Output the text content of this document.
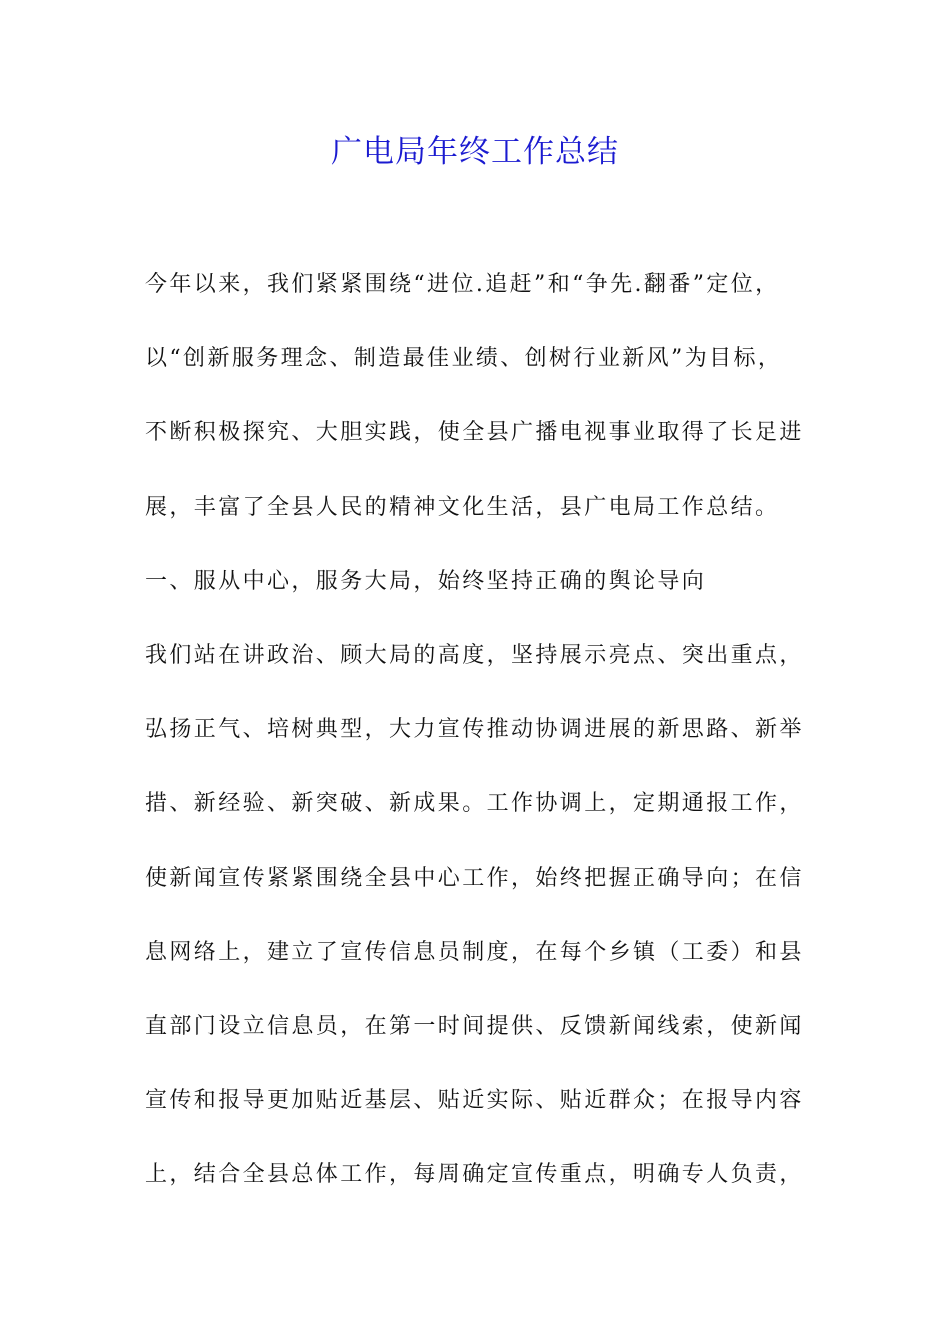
广电局年终工作总结
今年以来，我们紧紧围绕“进位.追赶”和“争先.翻番”定位，
以“创新服务理念、制造最佳业绩、创树行业新风”为目标，
不断积极探究、大胆实践，使全县广播电视事业取得了长足进
展，丰富了全县人民的精神文化生活，县广电局工作总结。
一、服从中心，服务大局，始终坚持正确的舆论导向
我们站在讲政治、顾大局的高度，坚持展示亮点、突出重点，
弘扬正气、培树典型，大力宣传推动协调进展的新思路、新举
措、新经验、新突破、新成果。工作协调上，定期通报工作，
使新闻宣传紧紧围绕全县中心工作，始终把握正确导向；在信
息网络上，建立了宣传信息员制度，在每个乡镇（工委）和县
直部门设立信息员，在第一时间提供、反馈新闻线索，使新闻
宣传和报导更加贴近基层、贴近实际、贴近群众；在报导内容
上，结合全县总体工作，每周确定宣传重点，明确专人负责，
